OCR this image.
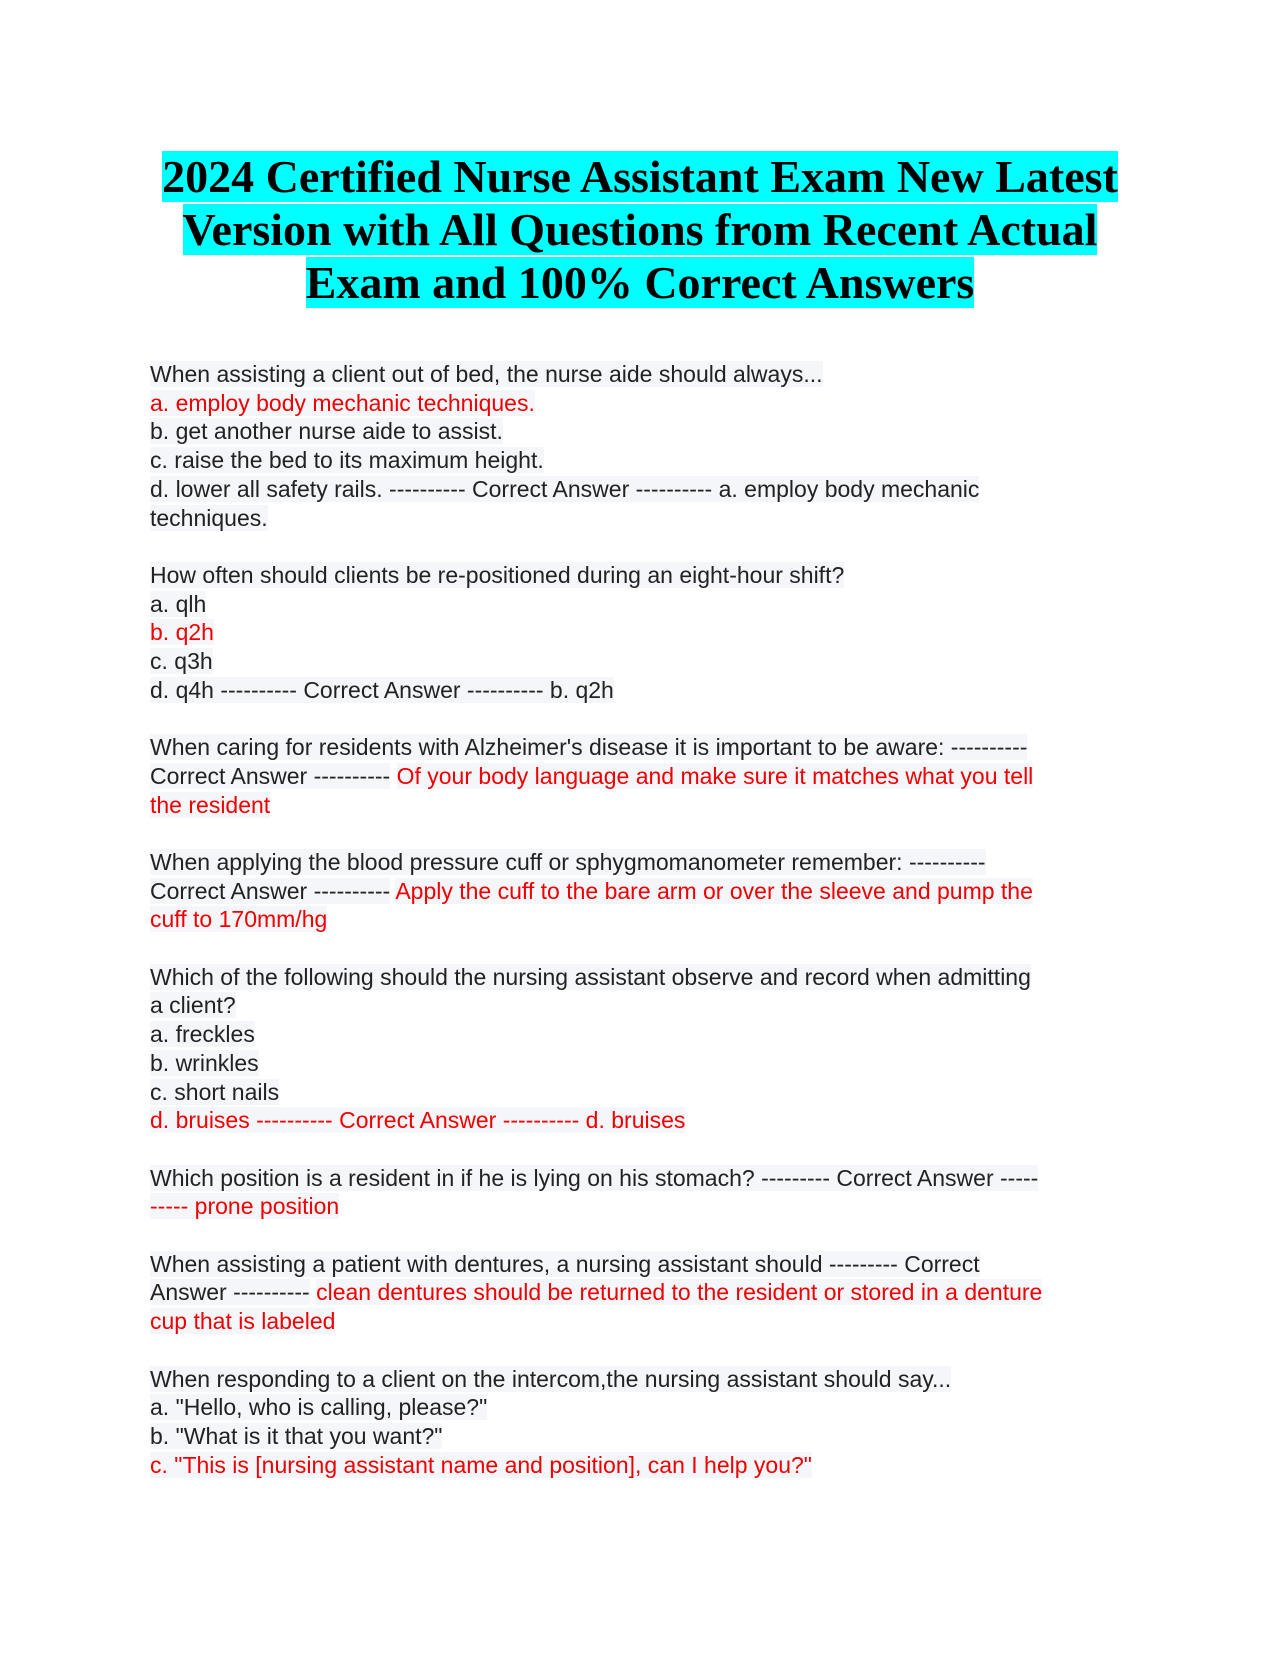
2024 Certified Nurse Assistant Exam New Latest
Version with All Questions from Recent Actual
Exam and 100% Correct Answers
When assisting a client out of bed, the nurse aide should always...
a. employ body mechanic techniques.
b. get another nurse aide to assist.
c. raise the bed to its maximum height.
d. lower all safety rails. ---------- Correct Answer ---------- a. employ body mechanic
techniques.
How often should clients be re-positioned during an eight-hour shift?
a. qlh
b. q2h
c. q3h
d. q4h ---------- Correct Answer ---------- b. q2h
When caring for residents with Alzheimer's disease it is important to be aware: ----------
Correct Answer ---------- Of your body language and make sure it matches what you tell
the resident
When applying the blood pressure cuff or sphygmomanometer remember: ----------
Correct Answer ---------- Apply the cuff to the bare arm or over the sleeve and pump the
cuff to 170mm/hg
Which of the following should the nursing assistant observe and record when admitting
a client?
a. freckles
b. wrinkles
c. short nails
d. bruises ---------- Correct Answer ---------- d. bruises
Which position is a resident in if he is lying on his stomach? --------- Correct Answer -----
----- prone position
When assisting a patient with dentures, a nursing assistant should --------- Correct
Answer ---------- clean dentures should be returned to the resident or stored in a denture
cup that is labeled
When responding to a client on the intercom,the nursing assistant should say...
a. "Hello, who is calling, please?"
b. "What is it that you want?"
c. "This is [nursing assistant name and position], can I help you?"
